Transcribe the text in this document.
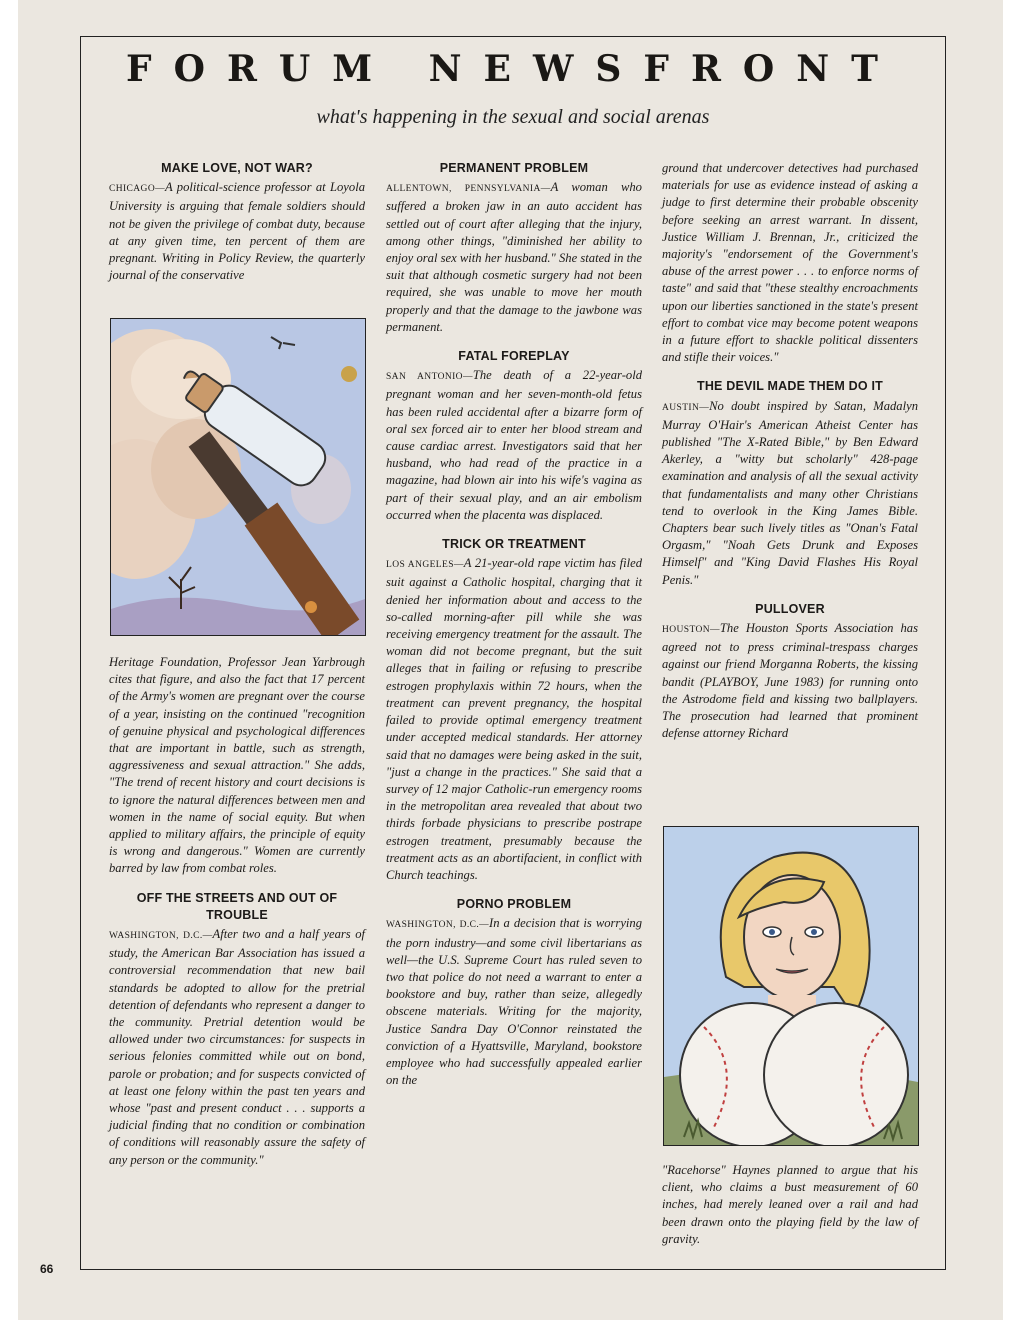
FORUM NEWSFRONT
what's happening in the sexual and social arenas
MAKE LOVE, NOT WAR?

CHICAGO—A political-science professor at Loyola University is arguing that female soldiers should not be given the privilege of combat duty, because at any given time, ten percent of them are pregnant. Writing in Policy Review, the quarterly journal of the conservative

Heritage Foundation, Professor Jean Yarbrough cites that figure, and also the fact that 17 percent of the Army's women are pregnant over the course of a year, insisting on the continued "recognition of genuine physical and psychological differences that are important in battle, such as strength, aggressiveness and sexual attraction." She adds, "The trend of recent history and court decisions is to ignore the natural differences between men and women in the name of social equity. But when applied to military affairs, the principle of equity is wrong and dangerous." Women are currently barred by law from combat roles.

OFF THE STREETS AND OUT OF TROUBLE

WASHINGTON, D.C.—After two and a half years of study, the American Bar Association has issued a controversial recommendation that new bail standards be adopted to allow for the pretrial detention of defendants who represent a danger to the community. Pretrial detention would be allowed under two circumstances: for suspects in serious felonies committed while out on bond, parole or probation; and for suspects convicted of at least one felony within the past ten years and whose "past and present conduct . . . supports a judicial finding that no condition or combination of conditions will reasonably assure the safety of any person or the community."

PERMANENT PROBLEM

ALLENTOWN, PENNSYLVANIA—A woman who suffered a broken jaw in an auto accident has settled out of court after alleging that the injury, among other things, "diminished her ability to enjoy oral sex with her husband." She stated in the suit that although cosmetic surgery had not been required, she was unable to move her mouth properly and that the damage to the jawbone was permanent.

FATAL FOREPLAY

SAN ANTONIO—The death of a 22-year-old pregnant woman and her seven-month-old fetus has been ruled accidental after a bizarre form of oral sex forced air to enter her blood stream and cause cardiac arrest. Investigators said that her husband, who had read of the practice in a magazine, had blown air into his wife's vagina as part of their sexual play, and an air embolism occurred when the placenta was displaced.

TRICK OR TREATMENT

LOS ANGELES—A 21-year-old rape victim has filed suit against a Catholic hospital, charging that it denied her information about and access to the so-called morning-after pill while she was receiving emergency treatment for the assault. The woman did not become pregnant, but the suit alleges that in failing or refusing to prescribe estrogen prophylaxis within 72 hours, when the treatment can prevent pregnancy, the hospital failed to provide optimal emergency treatment under accepted medical standards. Her attorney said that no damages were being asked in the suit, "just a change in the practices." She said that a survey of 12 major Catholic-run emergency rooms in the metropolitan area revealed that about two thirds forbade physicians to prescribe postrape estrogen treatment, presumably because the treatment acts as an abortifacient, in conflict with Church teachings.

PORNO PROBLEM

WASHINGTON, D.C.—In a decision that is worrying the porn industry—and some civil libertarians as well—the U.S. Supreme Court has ruled seven to two that police do not need a warrant to enter a bookstore and buy, rather than seize, allegedly obscene materials. Writing for the majority, Justice Sandra Day O'Connor reinstated the conviction of a Hyattsville, Maryland, bookstore employee who had successfully appealed earlier on the

ground that undercover detectives had purchased materials for use as evidence instead of asking a judge to first determine their probable obscenity before seeking an arrest warrant. In dissent, Justice William J. Brennan, Jr., criticized the majority's "endorsement of the Government's abuse of the arrest power . . . to enforce norms of taste" and said that "these stealthy encroachments upon our liberties sanctioned in the state's present effort to combat vice may become potent weapons in a future effort to shackle political dissenters and stifle their voices."

THE DEVIL MADE THEM DO IT

AUSTIN—No doubt inspired by Satan, Madalyn Murray O'Hair's American Atheist Center has published "The X-Rated Bible," by Ben Edward Akerley, a "witty but scholarly" 428-page examination and analysis of all the sexual activity that fundamentalists and many other Christians tend to overlook in the King James Bible. Chapters bear such lively titles as "Onan's Fatal Orgasm," "Noah Gets Drunk and Exposes Himself" and "King David Flashes His Royal Penis."

PULLOVER

HOUSTON—The Houston Sports Association has agreed not to press criminal-trespass charges against our friend Morganna Roberts, the kissing bandit (PLAYBOY, June 1983) for running onto the Astrodome field and kissing two ballplayers. The prosecution had learned that prominent defense attorney Richard

"Racehorse" Haynes planned to argue that his client, who claims a bust measurement of 60 inches, had merely leaned over a rail and had been drawn onto the playing field by the law of gravity.

66
